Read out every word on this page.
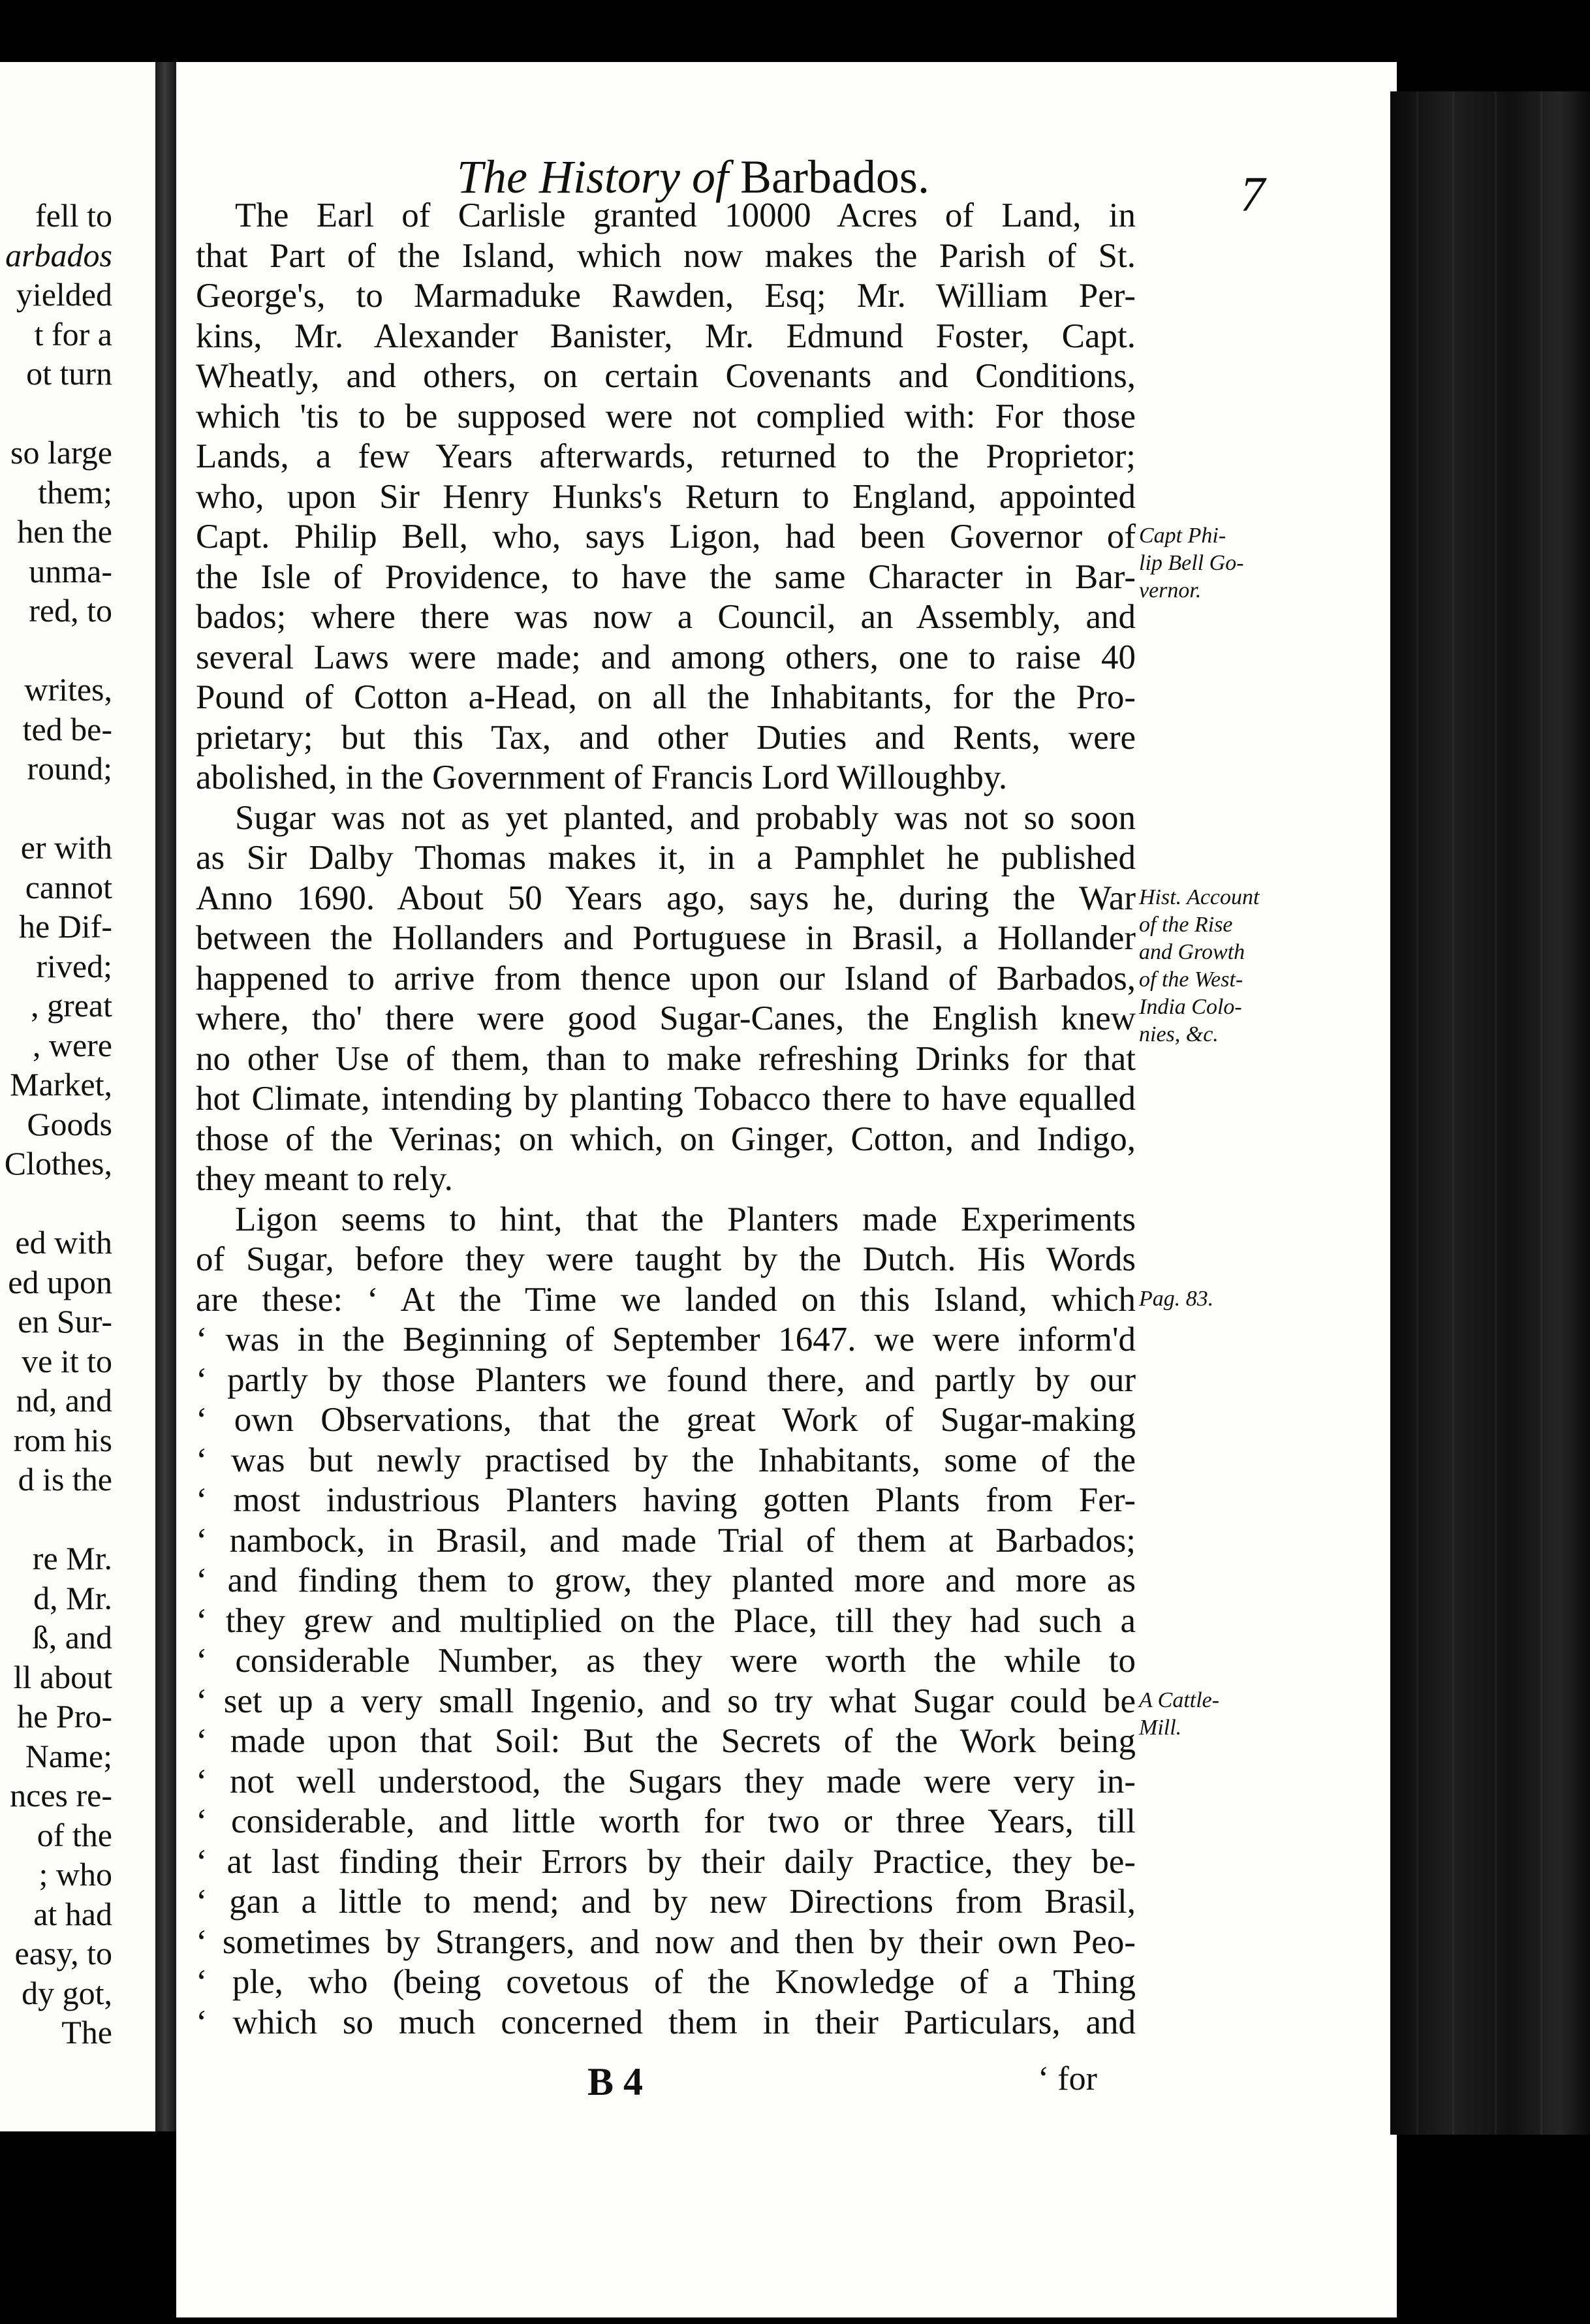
fell to
arbados
yielded
t for a
ot turn
so large
them;
hen the
unma-
red, to
writes,
ted be-
round;
er with
cannot
he Dif-
rived;
, great
, were
Market,
Goods
Clothes,
ed with
ed upon
en Sur-
ve it to
nd, and
rom his
d is the
re Mr.
d, Mr.
ß, and
ll about
he Pro-
Name;
nces re-
of the
; who
at had
easy, to
dy got,
The
The History of Barbados.	7
The Earl of Carlisle granted 10000 Acres of Land, in
that Part of the Island, which now makes the Parish of St.
George's, to Marmaduke Rawden, Esq; Mr. William Per-
kins, Mr. Alexander Banister, Mr. Edmund Foster, Capt.
Wheatly, and others, on certain Covenants and Conditions,
which 'tis to be supposed were not complied with: For those
Lands, a few Years afterwards, returned to the Proprietor;
who, upon Sir Henry Hunks's Return to England, appointed
Capt. Philip Bell, who, says Ligon, had been Governor of
the Isle of Providence, to have the same Character in Bar-
bados; where there was now a Council, an Assembly, and
several Laws were made; and among others, one to raise 40
Pound of Cotton a-Head, on all the Inhabitants, for the Pro-
prietary; but this Tax, and other Duties and Rents, were
abolished, in the Government of Francis Lord Willoughby.
Sugar was not as yet planted, and probably was not so soon
as Sir Dalby Thomas makes it, in a Pamphlet he published
Anno 1690. About 50 Years ago, says he, during the War
between the Hollanders and Portuguese in Brasil, a Hollander
happened to arrive from thence upon our Island of Barbados,
where, tho' there were good Sugar-Canes, the English knew
no other Use of them, than to make refreshing Drinks for that
hot Climate, intending by planting Tobacco there to have equalled
those of the Verinas; on which, on Ginger, Cotton, and Indigo,
they meant to rely.
Ligon seems to hint, that the Planters made Experiments
of Sugar, before they were taught by the Dutch. His Words
are these: ‘ At the Time we landed on this Island, which
‘ was in the Beginning of September 1647. we were inform'd
‘ partly by those Planters we found there, and partly by our
‘ own Observations, that the great Work of Sugar-making
‘ was but newly practised by the Inhabitants, some of the
‘ most industrious Planters having gotten Plants from Fer-
‘ nambock, in Brasil, and made Trial of them at Barbados;
‘ and finding them to grow, they planted more and more as
‘ they grew and multiplied on the Place, till they had such a
‘ considerable Number, as they were worth the while to
‘ set up a very small Ingenio, and so try what Sugar could be
‘ made upon that Soil: But the Secrets of the Work being
‘ not well understood, the Sugars they made were very in-
‘ considerable, and little worth for two or three Years, till
‘ at last finding their Errors by their daily Practice, they be-
‘ gan a little to mend; and by new Directions from Brasil,
‘ sometimes by Strangers, and now and then by their own Peo-
‘ ple, who (being covetous of the Knowledge of a Thing
‘ which so much concerned them in their Particulars, and
Capt Phi-
lip Bell Go-
vernor.
Hist. Account
of the Rise
and Growth
of the West-
India Colo-
nies, &c.
Pag. 83.
A Cattle-
Mill.
B 4	‘ for
